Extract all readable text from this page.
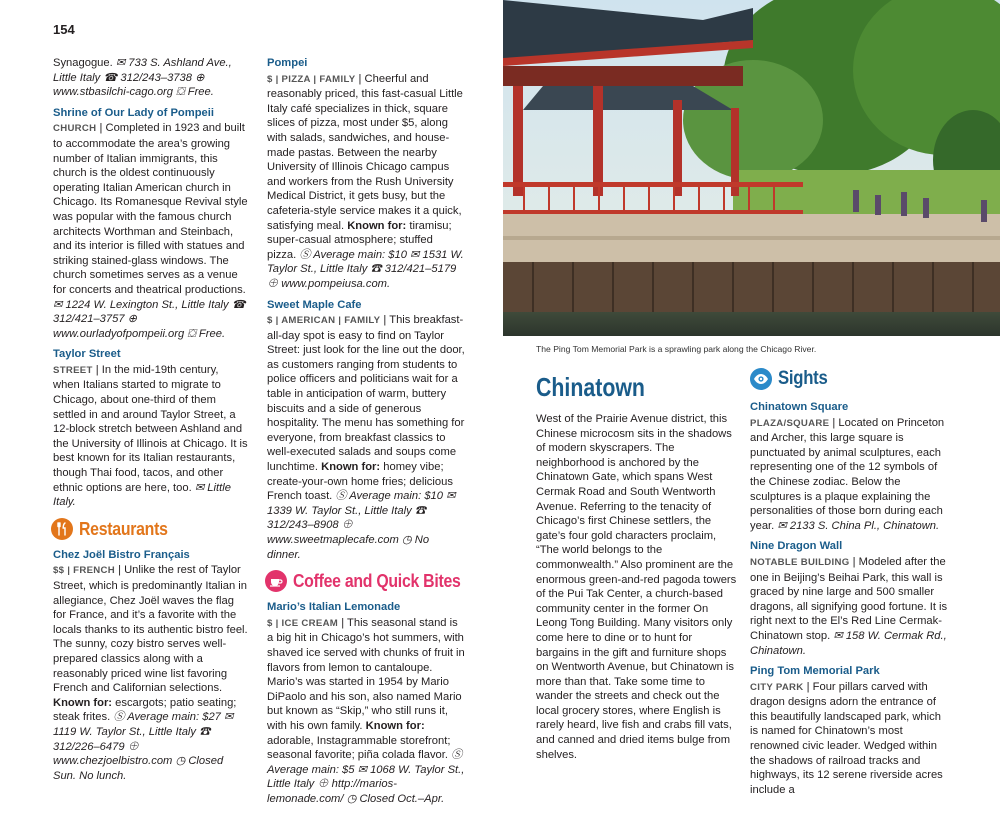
154

Synagogue. ✉ 733 S. Ashland Ave., Little Italy ☎ 312/243–3738 ⊕ www.stbasilchi-cago.org ⛋ Free.

Shrine of Our Lady of Pompeii
CHURCH | Completed in 1923 and built to accommodate the area’s growing number of Italian immigrants, this church is the oldest continuously operating Italian American church in Chicago. Its Romanesque Revival style was popular with the famous church architects Worthman and Steinbach, and its interior is filled with statues and striking stained-glass windows. The church sometimes serves as a venue for concerts and theatrical productions. ✉ 1224 W. Lexington St., Little Italy ☎ 312/421–3757 ⊕ www.ourladyofpompeii.org ⛋ Free.

Taylor Street
STREET | In the mid-19th century, when Italians started to migrate to Chicago, about one-third of them settled in and around Taylor Street, a 12-block stretch between Ashland and the University of Illinois at Chicago. It is best known for its Italian restaurants, though Thai food, tacos, and other ethnic options are here, too. ✉ Little Italy.

Restaurants

Chez Joël Bistro Français
$$ | FRENCH | Unlike the rest of Taylor Street, which is predominantly Italian in allegiance, Chez Joël waves the flag for France, and it’s a favorite with the locals thanks to its authentic bistro feel. The sunny, cozy bistro serves well-prepared classics along with a reasonably priced wine list favoring French and Californian selections. Known for: escargots; patio seating; steak frites. Ⓢ Average main: $27 ✉ 1119 W. Taylor St., Little Italy ☎ 312/226–6479 ⊕ www.chezjoelbistro.com ◷ Closed Sun. No lunch.

Pompei
$ | PIZZA | FAMILY | Cheerful and reasonably priced, this fast-casual Little Italy café specializes in thick, square slices of pizza, most under $5, along with salads, sandwiches, and house-made pastas. Between the nearby University of Illinois Chicago campus and workers from the Rush University Medical District, it gets busy, but the cafeteria-style service makes it a quick, satisfying meal. Known for: tiramisu; super-casual atmosphere; stuffed pizza. Ⓢ Average main: $10 ✉ 1531 W. Taylor St., Little Italy ☎ 312/421–5179 ⊕ www.pompeiusa.com.

Sweet Maple Cafe
$ | AMERICAN | FAMILY | This breakfast-all-day spot is easy to find on Taylor Street: just look for the line out the door, as customers ranging from students to police officers and politicians wait for a table in anticipation of warm, buttery biscuits and a side of generous hospitality. The menu has something for everyone, from breakfast classics to well-executed salads and soups come lunchtime. Known for: homey vibe; create-your-own home fries; delicious French toast. Ⓢ Average main: $10 ✉ 1339 W. Taylor St., Little Italy ☎ 312/243–8908 ⊕ www.sweetmaplecafe.com ◷ No dinner.

Coffee and Quick Bites

Mario’s Italian Lemonade
$ | ICE CREAM | This seasonal stand is a big hit in Chicago’s hot summers, with shaved ice served with chunks of fruit in flavors from lemon to cantaloupe. Mario’s was started in 1954 by Mario DiPaolo and his son, also named Mario but known as “Skip,” who still runs it, with his own family. Known for: adorable, Instagrammable storefront; seasonal favorite; piña colada flavor. Ⓢ Average main: $5 ✉ 1068 W. Taylor St., Little Italy ⊕ http://marios-lemonade.com/ ◷ Closed Oct.–Apr.

The Ping Tom Memorial Park is a sprawling park along the Chicago River.
Chinatown
West of the Prairie Avenue district, this Chinese microcosm sits in the shadows of modern skyscrapers. The neighborhood is anchored by the Chinatown Gate, which spans West Cermak Road and South Wentworth Avenue. Referring to the tenacity of Chicago’s first Chinese settlers, the gate’s four gold characters proclaim, “The world belongs to the commonwealth.” Also prominent are the enormous green-and-red pagoda towers of the Pui Tak Center, a church-based community center in the former On Leong Tong Building. Many visitors only come here to dine or to hunt for bargains in the gift and furniture shops on Wentworth Avenue, but Chinatown is more than that. Take some time to wander the streets and check out the local grocery stores, where English is rarely heard, live fish and crabs fill vats, and canned and dried items bulge from shelves.
Sights

Chinatown Square
PLAZA/SQUARE | Located on Princeton and Archer, this large square is punctuated by animal sculptures, each representing one of the 12 symbols of the Chinese zodiac. Below the sculptures is a plaque explaining the personalities of those born during each year. ✉ 2133 S. China Pl., Chinatown.

Nine Dragon Wall
NOTABLE BUILDING | Modeled after the one in Beijing’s Beihai Park, this wall is graced by nine large and 500 smaller dragons, all signifying good fortune. It is right next to the El’s Red Line Cermak-Chinatown stop. ✉ 158 W. Cermak Rd., Chinatown.

Ping Tom Memorial Park
CITY PARK | Four pillars carved with dragon designs adorn the entrance of this beautifully landscaped park, which is named for Chinatown’s most renowned civic leader. Wedged within the shadows of railroad tracks and highways, its 12 serene riverside acres include a
